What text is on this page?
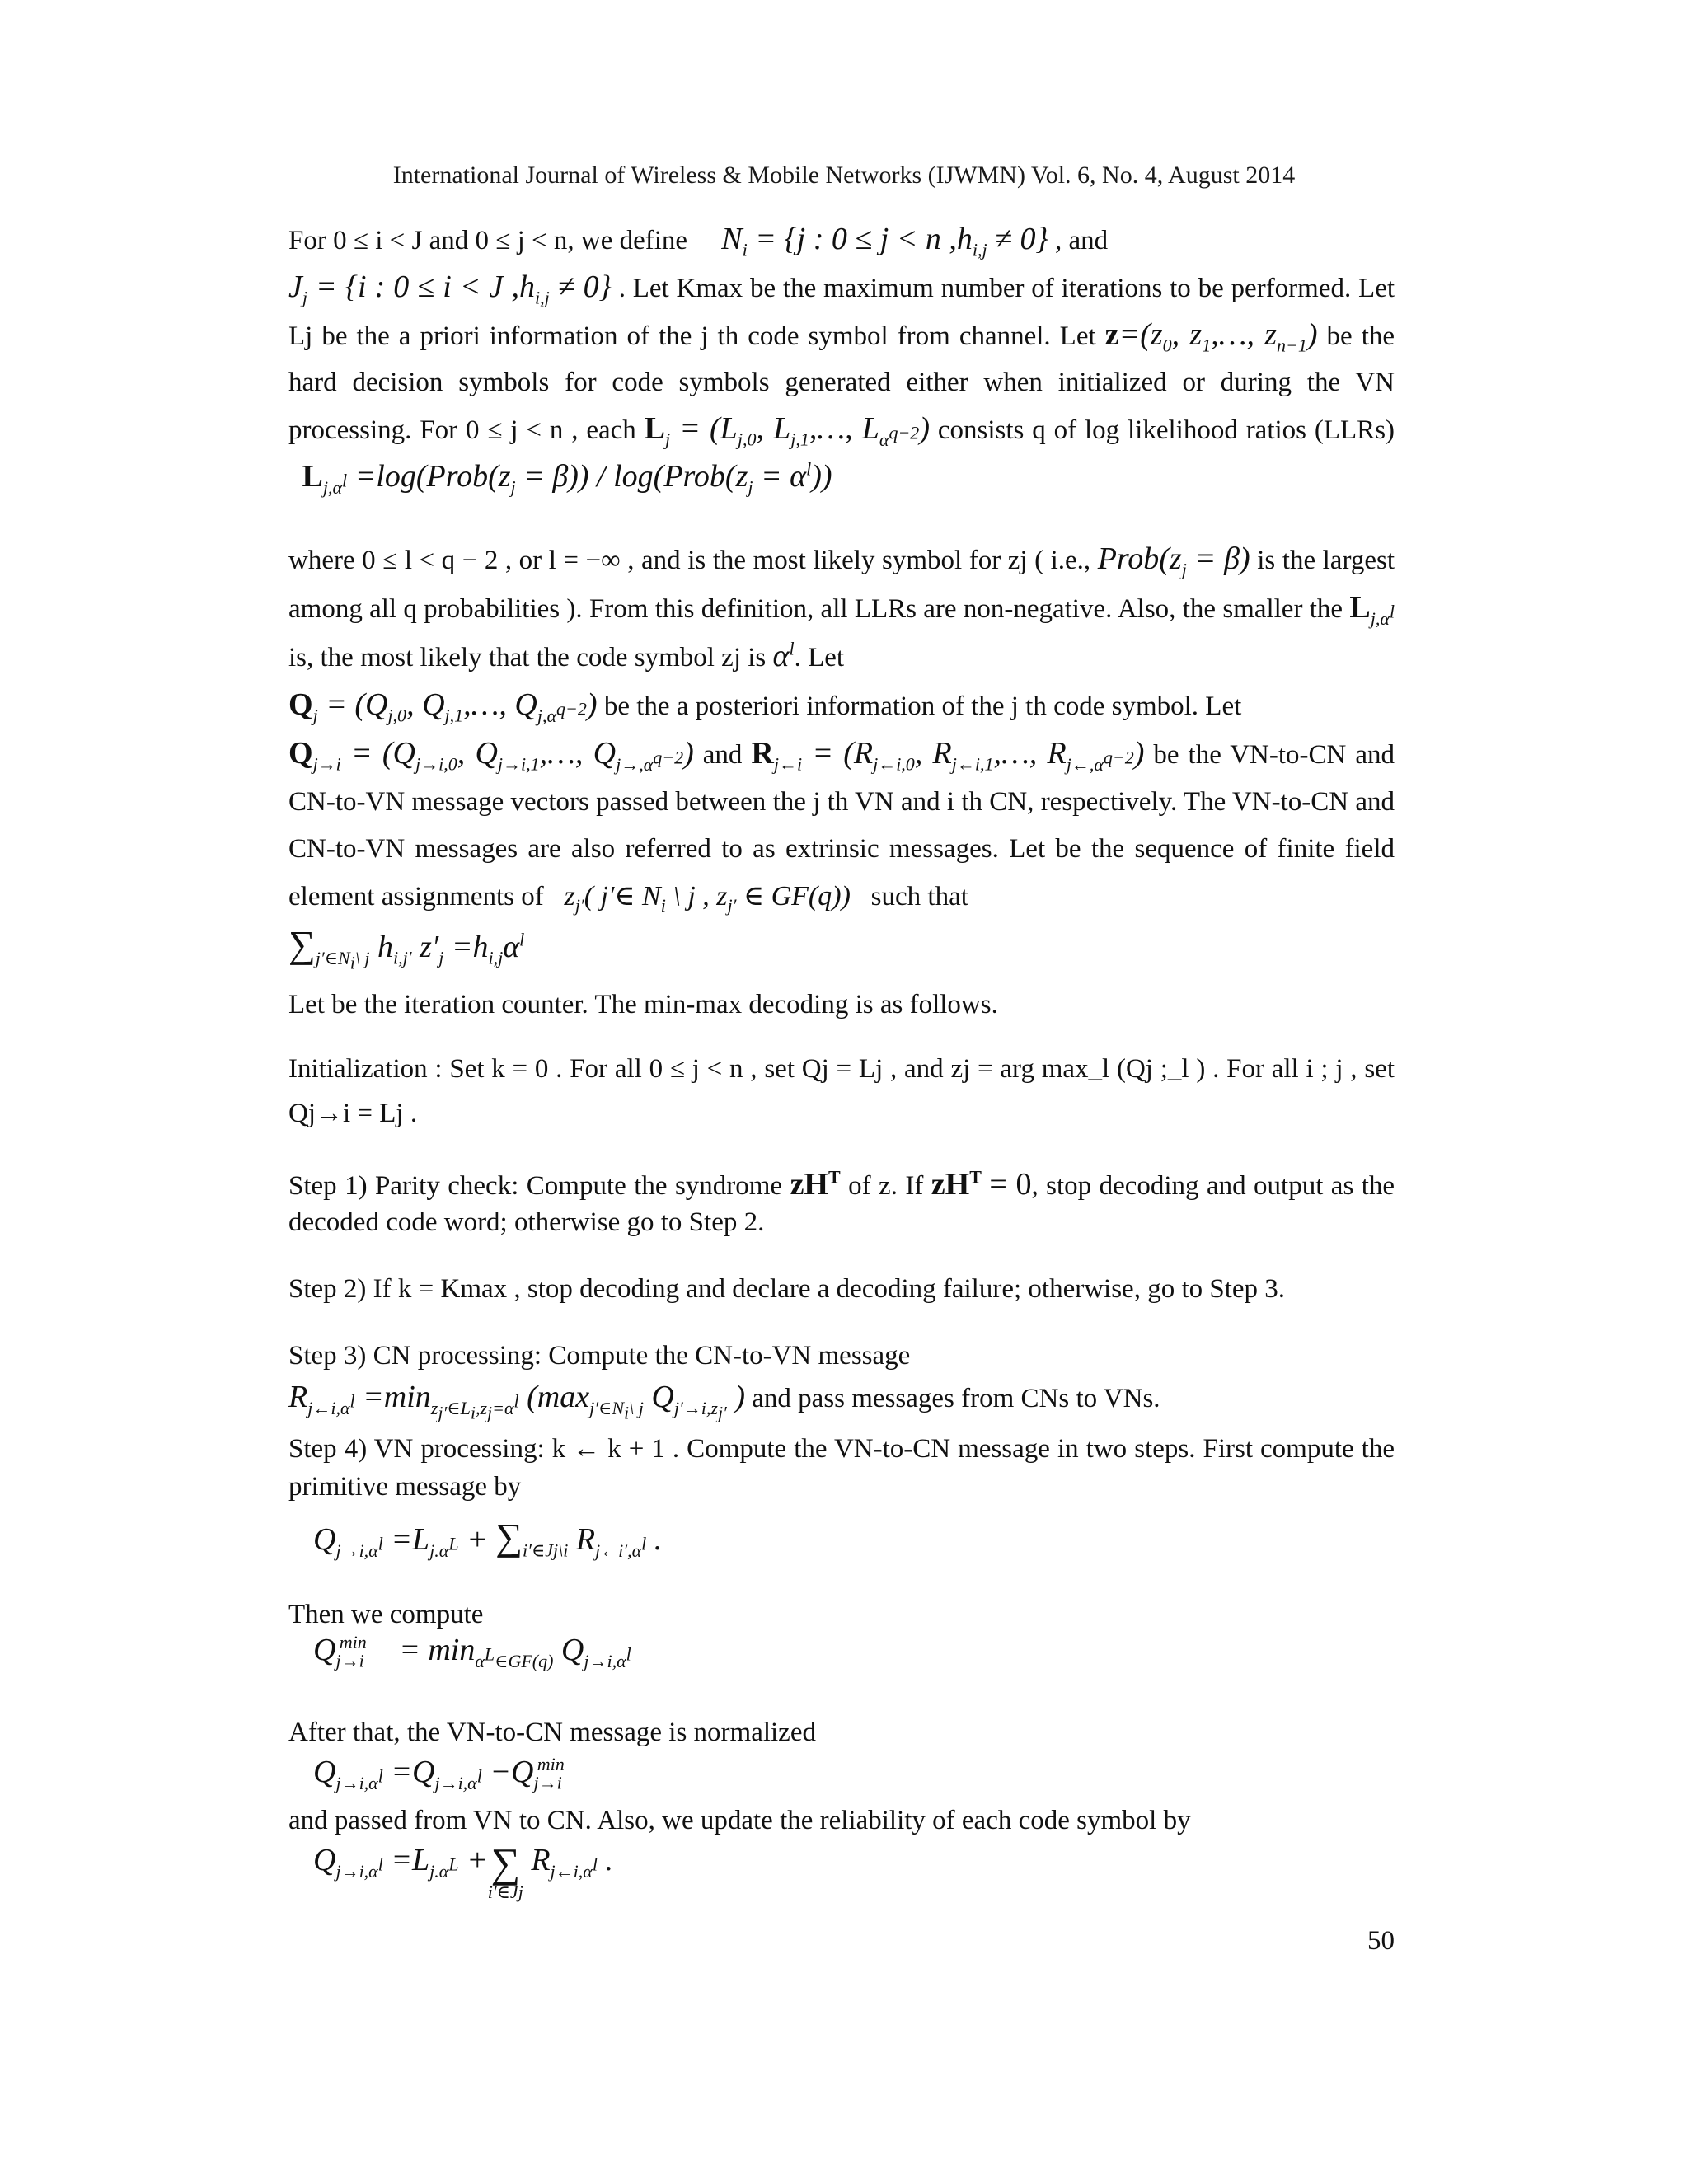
International Journal of Wireless & Mobile Networks (IJWMN) Vol. 6, No. 4, August 2014
For 0 ≤ i < J and 0 ≤ j < n, we define $N_i = \{j$ : 0 ≤ j < n $,h_{i,j} \ne 0$} , and
$J_j = \{i$ : 0 ≤ i < J $,h_{i,j} \ne 0$} . Let Kmax be the maximum number of iterations to be performed. Let Lj be the a priori information of the j th code symbol from channel. Let $z=(z_0$, $z_1,\dots$, $z_{n-1}$) be the hard decision symbols for code symbols generated either when initialized or during the VN processing. For 0 ≤ j < n , each $L_j = (L_{j,0}$, $L_{j,1},\dots$, $L_{\alpha^{q-2}}$) consists q of log likelihood ratios (LLRs)   $L_{j,\alpha^l}$ $=\log(Prob(z_j = \beta))$ / $\log(Prob(z_j = \alpha^l))$
where 0 ≤ l < q − 2 , or l = −∞ , and is the most likely symbol for zj ( i.e., $Prob(z_j = \beta)$ is the largest among all q probabilities ). From this definition, all LLRs are non-negative. Also, the smaller the $L_{j,\alpha^l}$ is, the most likely that the code symbol zj is $\alpha^l$. Let
$Q_j = (Q_{j,0}$, $Q_{j,1},\dots$, $Q_{j,\alpha^{q-2}}$) be the a posteriori information of the j th code symbol. Let
$Q_{j\to i} = (Q_{j\to i,0}$, $Q_{j\to i,1},\dots$, $Q_{j\to,\alpha^{q-2}}$) and $R_{j\leftarrow i} = (R_{j\leftarrow i,0}$, $R_{j\leftarrow i,1},\dots$, $R_{j\leftarrow,\alpha^{q-2}}$) be the VN-to-CN and CN-to-VN message vectors passed between the j th VN and i th CN, respectively. The VN-to-CN and CN-to-VN messages are also referred to as extrinsic messages. Let be the sequence of finite field element assignments of $z_{j'}$( j′∈ $N_i$ \ j , $z_{j'}$ ∈ GF(q)) such that
$\sum_{j'\in N_i\backslash j}$ $h_{i,j'}$ $z'_j =h_{i,j}\alpha^l$
Let be the iteration counter. The min-max decoding is as follows.
Initialization : Set k = 0 . For all 0 ≤ j < n , set Qj = Lj , and zj = arg max_l (Qj ;_l ) . For all i ; j , set Qj→i = Lj .
Step 1) Parity check: Compute the syndrome $zH^T$ of z. If $zH^T = 0$, stop decoding and output as the decoded code word; otherwise go to Step 2.
Step 2) If k = Kmax , stop decoding and declare a decoding failure; otherwise, go to Step 3.
Step 3) CN processing: Compute the CN-to-VN message
$R_{j\leftarrow i,\alpha^l} =\min_{z_{j'}\in L_i,z_j=\alpha^l}$ ($\max_{j'\in N_i\backslash j}$ $Q_{j'\to i,z_{j'}}$ ) and pass messages from CNs to VNs.
Step 4) VN processing: k ← k + 1 . Compute the VN-to-CN message in two steps. First compute the primitive message by
$Q_{j\to i,\alpha^l} =L_{j.\alpha^L} + \sum_{i'\in Jj\backslash i}$ $R_{j\leftarrow i',\alpha^l}$ .
Then we compute
$Q_{j\to i}^{min} = \min_{\alpha^L\in GF(q)} Q_{j\to i,\alpha^l}$
After that, the VN-to-CN message is normalized
$Q_{j\to i,\alpha^l} =Q_{j\to i,\alpha^l} -Q_{j\to i}^{min}$
and passed from VN to CN. Also, we update the reliability of each code symbol by
$Q_{j\to i,\alpha^l} =L_{j.\alpha^L}$ + ∑
i′∈Jj
$R_{j\leftarrow i,\alpha^l}$ .
50
